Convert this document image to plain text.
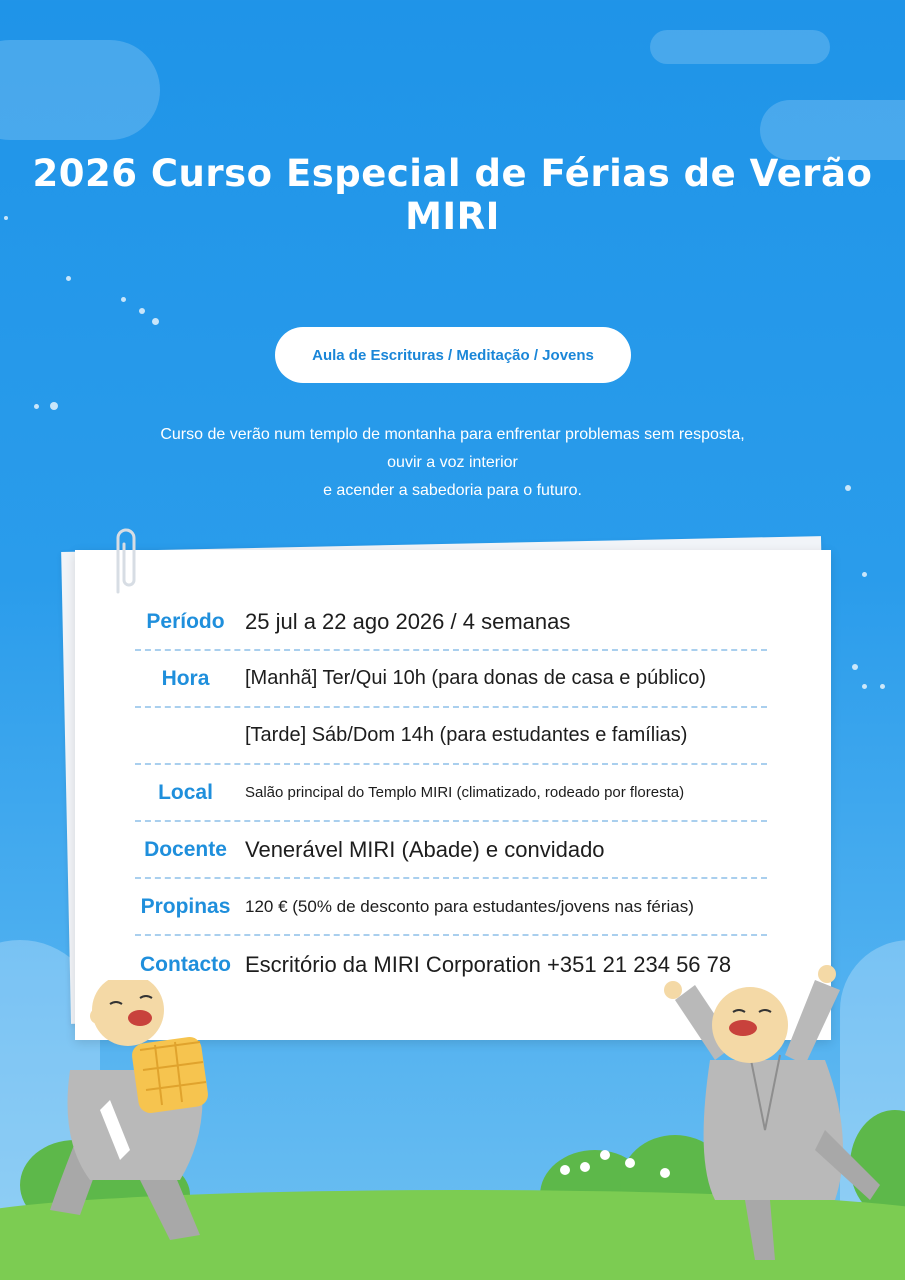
2026 Curso Especial de Férias de Verão MIRI
Aula de Escrituras / Meditação / Jovens
Curso de verão num templo de montanha para enfrentar problemas sem resposta,
ouvir a voz interior
e acender a sabedoria para o futuro.
Período 25 jul a 22 ago 2026 / 4 semanas
Hora	[Manhã] Ter/Qui 10h (para donas de casa e público)
[Tarde] Sáb/Dom 14h (para estudantes e famílias)
Local	Salão principal do Templo MIRI (climatizado, rodeado por floresta)
Docente Venerável MIRI (Abade) e convidado
Propinas 120 € (50% de desconto para estudantes/jovens nas férias)
Contacto Escritório da MIRI Corporation +351 21 234 56 78
